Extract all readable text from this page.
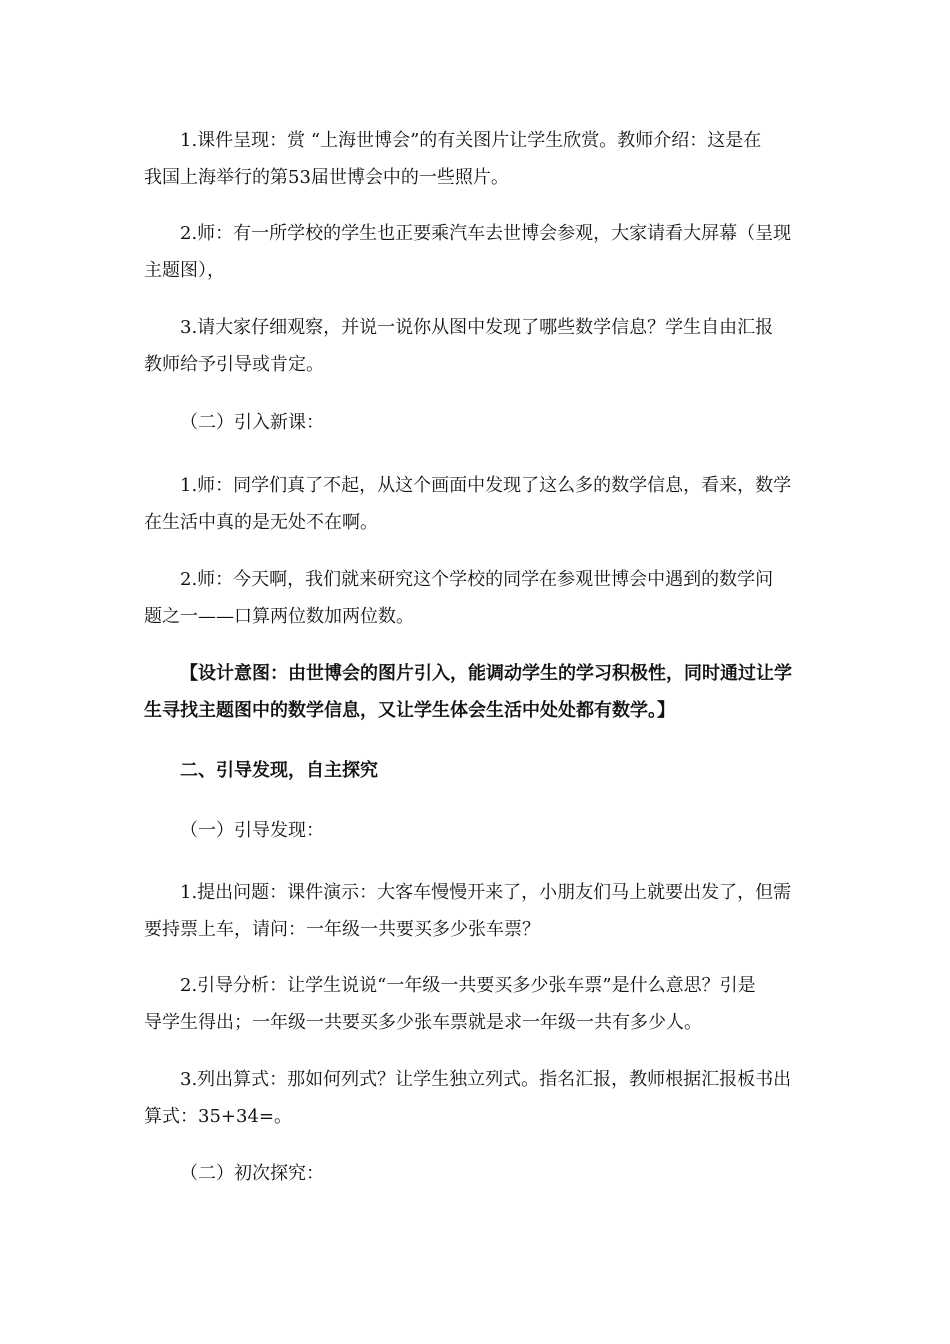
1.课件呈现：赏 “上海世博会”的有关图片让学生欣赏。教师介绍：这是在
我国上海举行的第53届世博会中的一些照片。

2.师：有一所学校的学生也正要乘汽车去世博会参观，大家请看大屏幕（呈现
主题图），

3.请大家仔细观察，并说一说你从图中发现了哪些数学信息？学生自由汇报
教师给予引导或肯定。

（二）引入新课：

1.师：同学们真了不起，从这个画面中发现了这么多的数学信息，看来，数学
在生活中真的是无处不在啊。

2.师：今天啊，我们就来研究这个学校的同学在参观世博会中遇到的数学问
题之一——口算两位数加两位数。

【设计意图：由世博会的图片引入，能调动学生的学习积极性，同时通过让学
生寻找主题图中的数学信息，又让学生体会生活中处处都有数学。】

二、引导发现，自主探究

（一）引导发现：

1.提出问题：课件演示：大客车慢慢开来了，小朋友们马上就要出发了，但需
要持票上车，请问：一年级一共要买多少张车票？

2.引导分析：让学生说说“一年级一共要买多少张车票”是什么意思？引是
导学生得出；一年级一共要买多少张车票就是求一年级一共有多少人。

3.列出算式：那如何列式？让学生独立列式。指名汇报，教师根据汇报板书出
算式：35+34=。

（二）初次探究：
